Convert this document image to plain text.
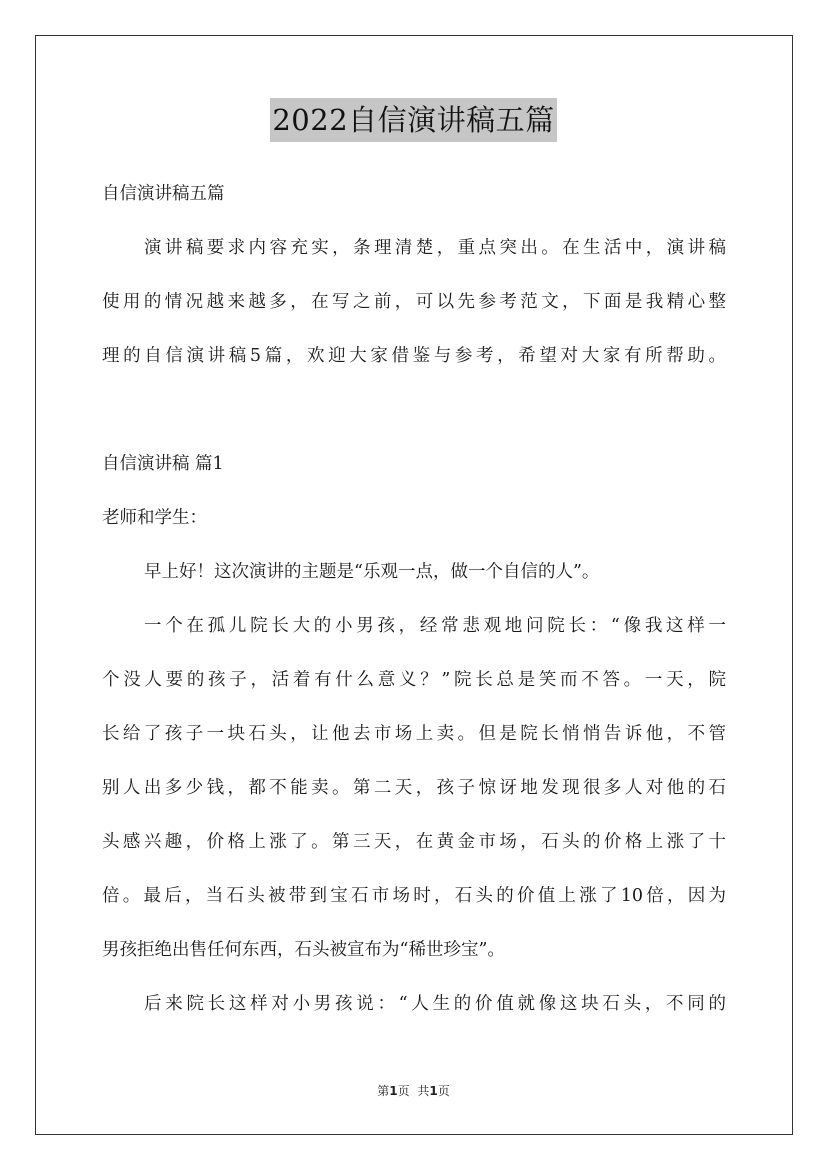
2022自信演讲稿五篇
自信演讲稿五篇
演讲稿要求内容充实，条理清楚，重点突出。在生活中，演讲稿
使用的情况越来越多，在写之前，可以先参考范文，下面是我精心整
理的自信演讲稿5篇，欢迎大家借鉴与参考，希望对大家有所帮助。
自信演讲稿 篇1
老师和学生：
早上好！这次演讲的主题是“乐观一点，做一个自信的人”。
一个在孤儿院长大的小男孩，经常悲观地问院长：“像我这样一
个没人要的孩子，活着有什么意义？”院长总是笑而不答。一天，院
长给了孩子一块石头，让他去市场上卖。但是院长悄悄告诉他，不管
别人出多少钱，都不能卖。第二天，孩子惊讶地发现很多人对他的石
头感兴趣，价格上涨了。第三天，在黄金市场，石头的价格上涨了十
倍。最后，当石头被带到宝石市场时，石头的价值上涨了10倍，因为
男孩拒绝出售任何东西，石头被宣布为“稀世珍宝”。
后来院长这样对小男孩说：“人生的价值就像这块石头，不同的
第1页 共1页
